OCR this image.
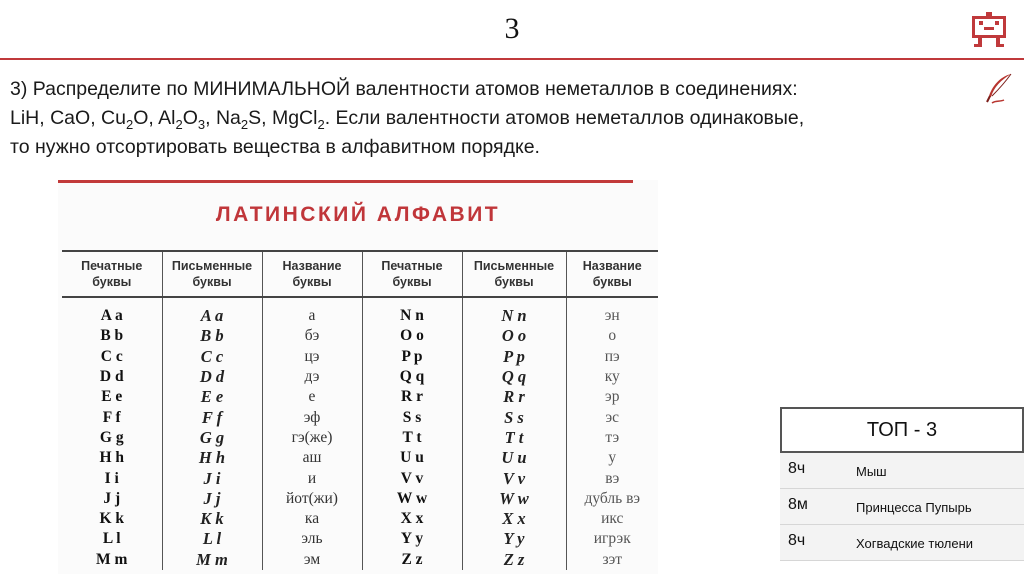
3

3) Распределите по МИНИМАЛЬНОЙ валентности атомов неметаллов в соединениях:

LiH, CaO, $Cu_2O$, $Al_2O_3$, $Na_2S$, MgCl$_2$. Если валентности атомов неметаллов одинаковые,

то нужно отсортировать вещества в алфавитном порядке.

ЛАТИНСКИЙ АЛФАВИТ
Печатные буквы	Письменные буквы	Название буквы	Печатные буквы	Письменные буквы	Название буквы
A a	A a	а	N n	N n	эн
B b	B b	бэ	O o	O o	о
C c	C c	цэ	P p	P p	пэ
D d	D d	дэ	Q q	Q q	ку
E e	E e	е	R r	R r	эр
F f	F f	эф	S s	S s	эс
G g	G g	гэ(же)	T t	T t	тэ
H h	H h	аш	U u	U u	у
I i	J i	и	V v	V v	вэ
J j	J j	йот(жи)	W w	W w	дубль вэ
K k	K k	ка	X x	X x	икс
L l	L l	эль	Y y	Y y	игрэк
M m	M m	эм	Z z	Z z	зэт
ТОП - 3
8ч	Мыш
8м	Принцесса Пупырь
8ч	Хогвадские тюлени
